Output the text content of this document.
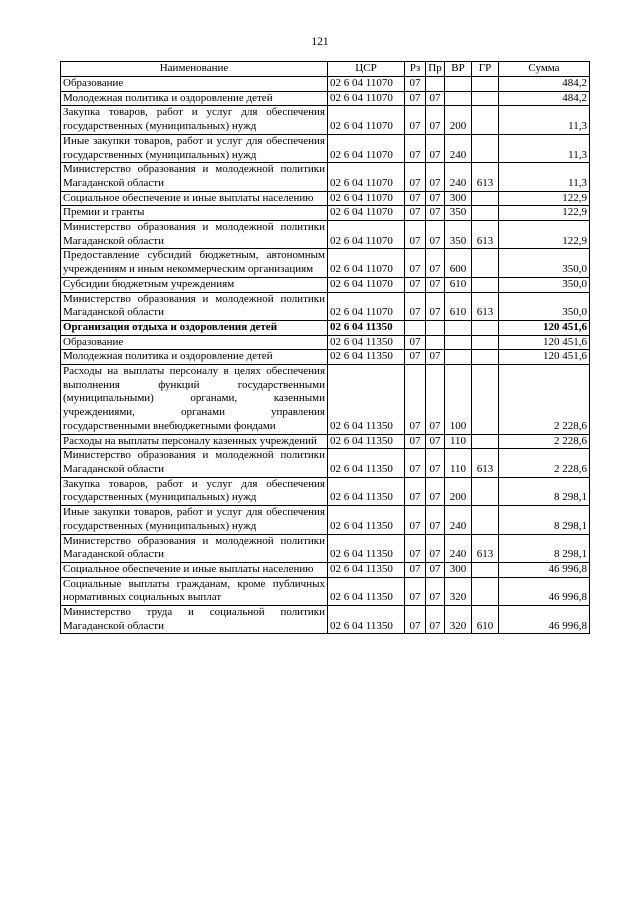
121
Наименование	ЦСР	Рз	Пр	ВР	ГР	Сумма
Образование	02 6 04 11070	07				484,2
Молодежная политика и оздоровление детей	02 6 04 11070	07	07			484,2
Закупка товаров, работ и услуг для обеспечения государственных (муниципальных) нужд	02 6 04 11070	07	07	200		11,3
Иные закупки товаров, работ и услуг для обеспечения государственных (муниципальных) нужд	02 6 04 11070	07	07	240		11,3
Министерство образования и молодежной политики Магаданской области	02 6 04 11070	07	07	240	613	11,3
Социальное обеспечение и иные выплаты населению	02 6 04 11070	07	07	300		122,9
Премии и гранты	02 6 04 11070	07	07	350		122,9
Министерство образования и молодежной политики Магаданской области	02 6 04 11070	07	07	350	613	122,9
Предоставление субсидий бюджетным, автономным учреждениям и иным некоммерческим организациям	02 6 04 11070	07	07	600		350,0
Субсидии бюджетным учреждениям	02 6 04 11070	07	07	610		350,0
Министерство образования и молодежной политики Магаданской области	02 6 04 11070	07	07	610	613	350,0
Организация отдыха и оздоровления детей	02 6 04 11350					120 451,6
Образование	02 6 04 11350	07				120 451,6
Молодежная политика и оздоровление детей	02 6 04 11350	07	07			120 451,6
Расходы на выплаты персоналу в целях обеспечения выполнения функций государственными (муниципальными) органами, казенными учреждениями, органами управления государственными внебюджетными фондами	02 6 04 11350	07	07	100		2 228,6
Расходы на выплаты персоналу казенных учреждений	02 6 04 11350	07	07	110		2 228,6
Министерство образования и молодежной политики Магаданской области	02 6 04 11350	07	07	110	613	2 228,6
Закупка товаров, работ и услуг для обеспечения государственных (муниципальных) нужд	02 6 04 11350	07	07	200		8 298,1
Иные закупки товаров, работ и услуг для обеспечения государственных (муниципальных) нужд	02 6 04 11350	07	07	240		8 298,1
Министерство образования и молодежной политики Магаданской области	02 6 04 11350	07	07	240	613	8 298,1
Социальное обеспечение и иные выплаты населению	02 6 04 11350	07	07	300		46 996,8
Социальные выплаты гражданам, кроме публичных нормативных социальных выплат	02 6 04 11350	07	07	320		46 996,8
Министерство труда и социальной политики Магаданской области	02 6 04 11350	07	07	320	610	46 996,8
